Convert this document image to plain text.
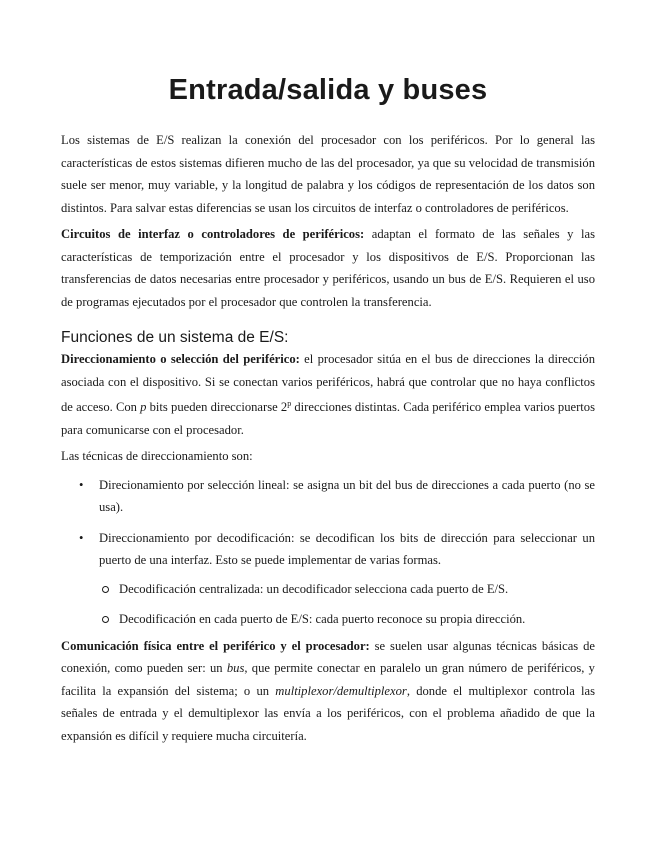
Entrada/salida y buses

Los sistemas de E/S realizan la conexión del procesador con los periféricos. Por lo general las características de estos sistemas difieren mucho de las del procesador, ya que su velocidad de transmisión suele ser menor, muy variable, y la longitud de palabra y los códigos de representación de los datos son distintos. Para salvar estas diferencias se usan los circuitos de interfaz o controladores de periféricos.

Circuitos de interfaz o controladores de periféricos: adaptan el formato de las señales y las características de temporización entre el procesador y los dispositivos de E/S. Proporcionan las transferencias de datos necesarias entre procesador y periféricos, usando un bus de E/S. Requieren el uso de programas ejecutados por el procesador que controlen la transferencia.

Funciones de un sistema de E/S:

Direccionamiento o selección del periférico: el procesador sitúa en el bus de direcciones la dirección asociada con el dispositivo. Si se conectan varios periféricos, habrá que controlar que no haya conflictos de acceso. Con p bits pueden direccionarse 2$^p$ direcciones distintas. Cada periférico emplea varios puertos para comunicarse con el procesador.

Las técnicas de direccionamiento son:

• Direcionamiento por selección lineal: se asigna un bit del bus de direcciones a cada puerto (no se usa).
• Direccionamiento por decodificación: se decodifican los bits de dirección para seleccionar un puerto de una interfaz. Esto se puede implementar de varias formas.
Decodificación centralizada: un decodificador selecciona cada puerto de E/S.
Decodificación en cada puerto de E/S: cada puerto reconoce su propia dirección.

Comunicación física entre el periférico y el procesador: se suelen usar algunas técnicas básicas de conexión, como pueden ser: un bus, que permite conectar en paralelo un gran número de periféricos, y facilita la expansión del sistema; o un multiplexor/demultiplexor, donde el multiplexor controla las señales de entrada y el demultiplexor las envía a los periféricos, con el problema añadido de que la expansión es difícil y requiere mucha circuitería.
